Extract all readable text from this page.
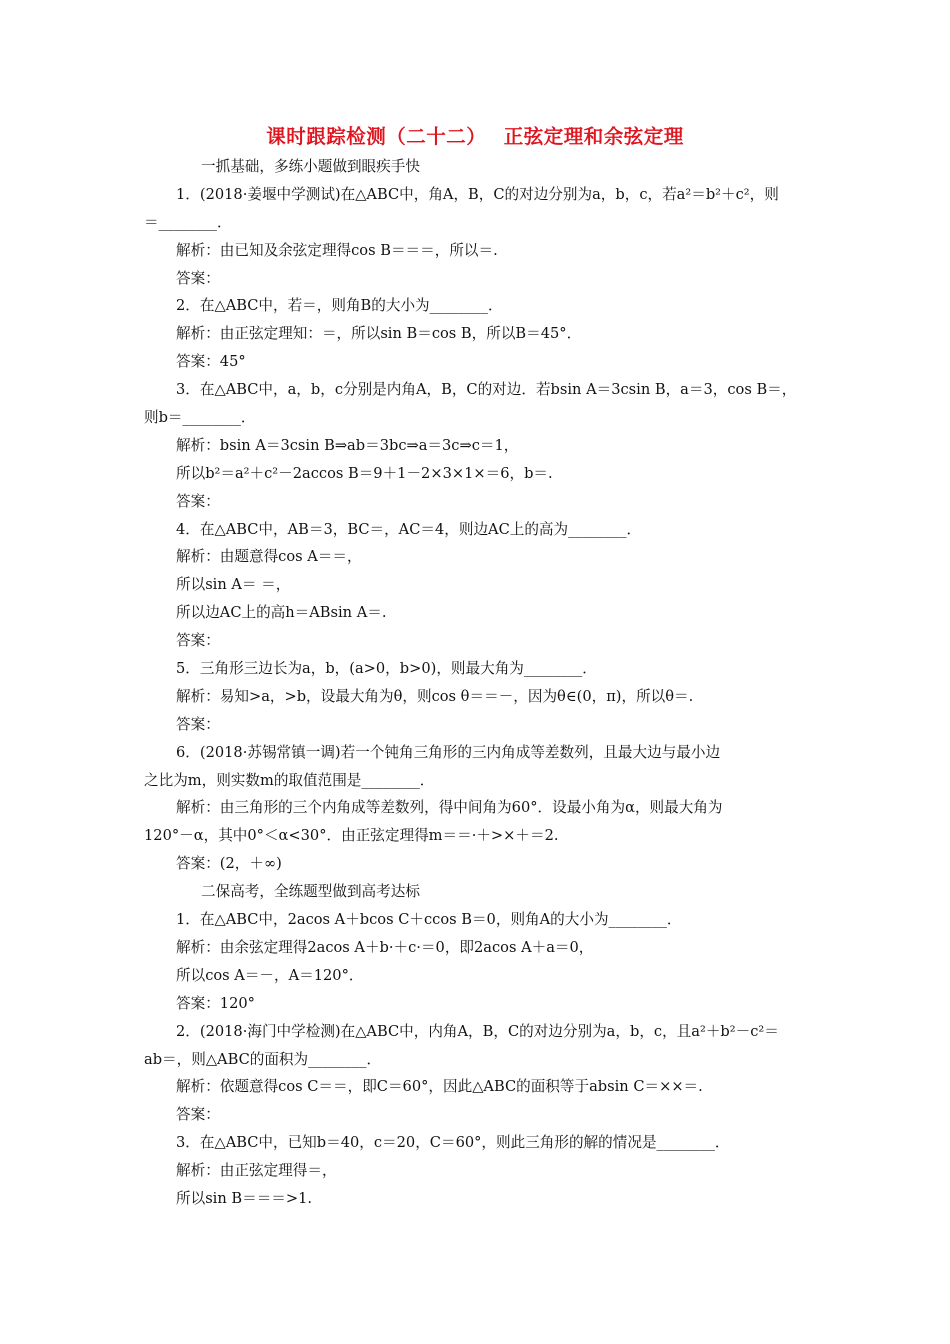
课时跟踪检测（二十二）　 正弦定理和余弦定理
一抓基础，多练小题做到眼疾手快
1．(2018·姜堰中学测试)在△ABC中，角A，B，C的对边分别为a，b，c，若a²＝b²＋c²，则
＝________．
解析：由已知及余弦定理得cos B＝＝＝，所以＝.
答案：
2．在△ABC中，若＝，则角B的大小为________．
解析：由正弦定理知：＝，所以sin B＝cos B，所以B＝45°．
答案：45°
3．在△ABC中，a，b，c分别是内角A，B，C的对边．若bsin A＝3csin B，a＝3，cos B＝，
则b＝________．
解析：bsin A＝3csin B⇒ab＝3bc⇒a＝3c⇒c＝1，
所以b²＝a²＋c²－2accos B＝9＋1－2×3×1×＝6，b＝.
答案：
4．在△ABC中，AB＝3，BC＝，AC＝4，则边AC上的高为________．
解析：由题意得cos A＝＝，
所以sin A＝ ＝，
所以边AC上的高h＝ABsin A＝.
答案：
5．三角形三边长为a，b，(a>0，b>0)，则最大角为________．
解析：易知>a，>b，设最大角为θ，则cos θ＝＝－，因为θ∈(0，π)，所以θ＝.
答案：
6．(2018·苏锡常镇一调)若一个钝角三角形的三内角成等差数列，且最大边与最小边
之比为m，则实数m的取值范围是________．
解析：由三角形的三个内角成等差数列，得中间角为60°．设最小角为α，则最大角为
120°－α，其中0°＜α<30°．由正弦定理得m＝＝·＋>×＋＝2.
答案：(2，＋∞)
二保高考，全练题型做到高考达标
1．在△ABC中，2acos A＋bcos C＋ccos B＝0，则角A的大小为________．
解析：由余弦定理得2acos A＋b·＋c·＝0，即2acos A＋a＝0，
所以cos A＝－，A＝120°．
答案：120°
2．(2018·海门中学检测)在△ABC中，内角A，B，C的对边分别为a，b，c，且a²＋b²－c²＝
ab＝，则△ABC的面积为________．
解析：依题意得cos C＝＝，即C＝60°，因此△ABC的面积等于absin C＝××＝.
答案：
3．在△ABC中，已知b＝40，c＝20，C＝60°，则此三角形的解的情况是________．
解析：由正弦定理得＝，
所以sin B＝＝＝>1.
